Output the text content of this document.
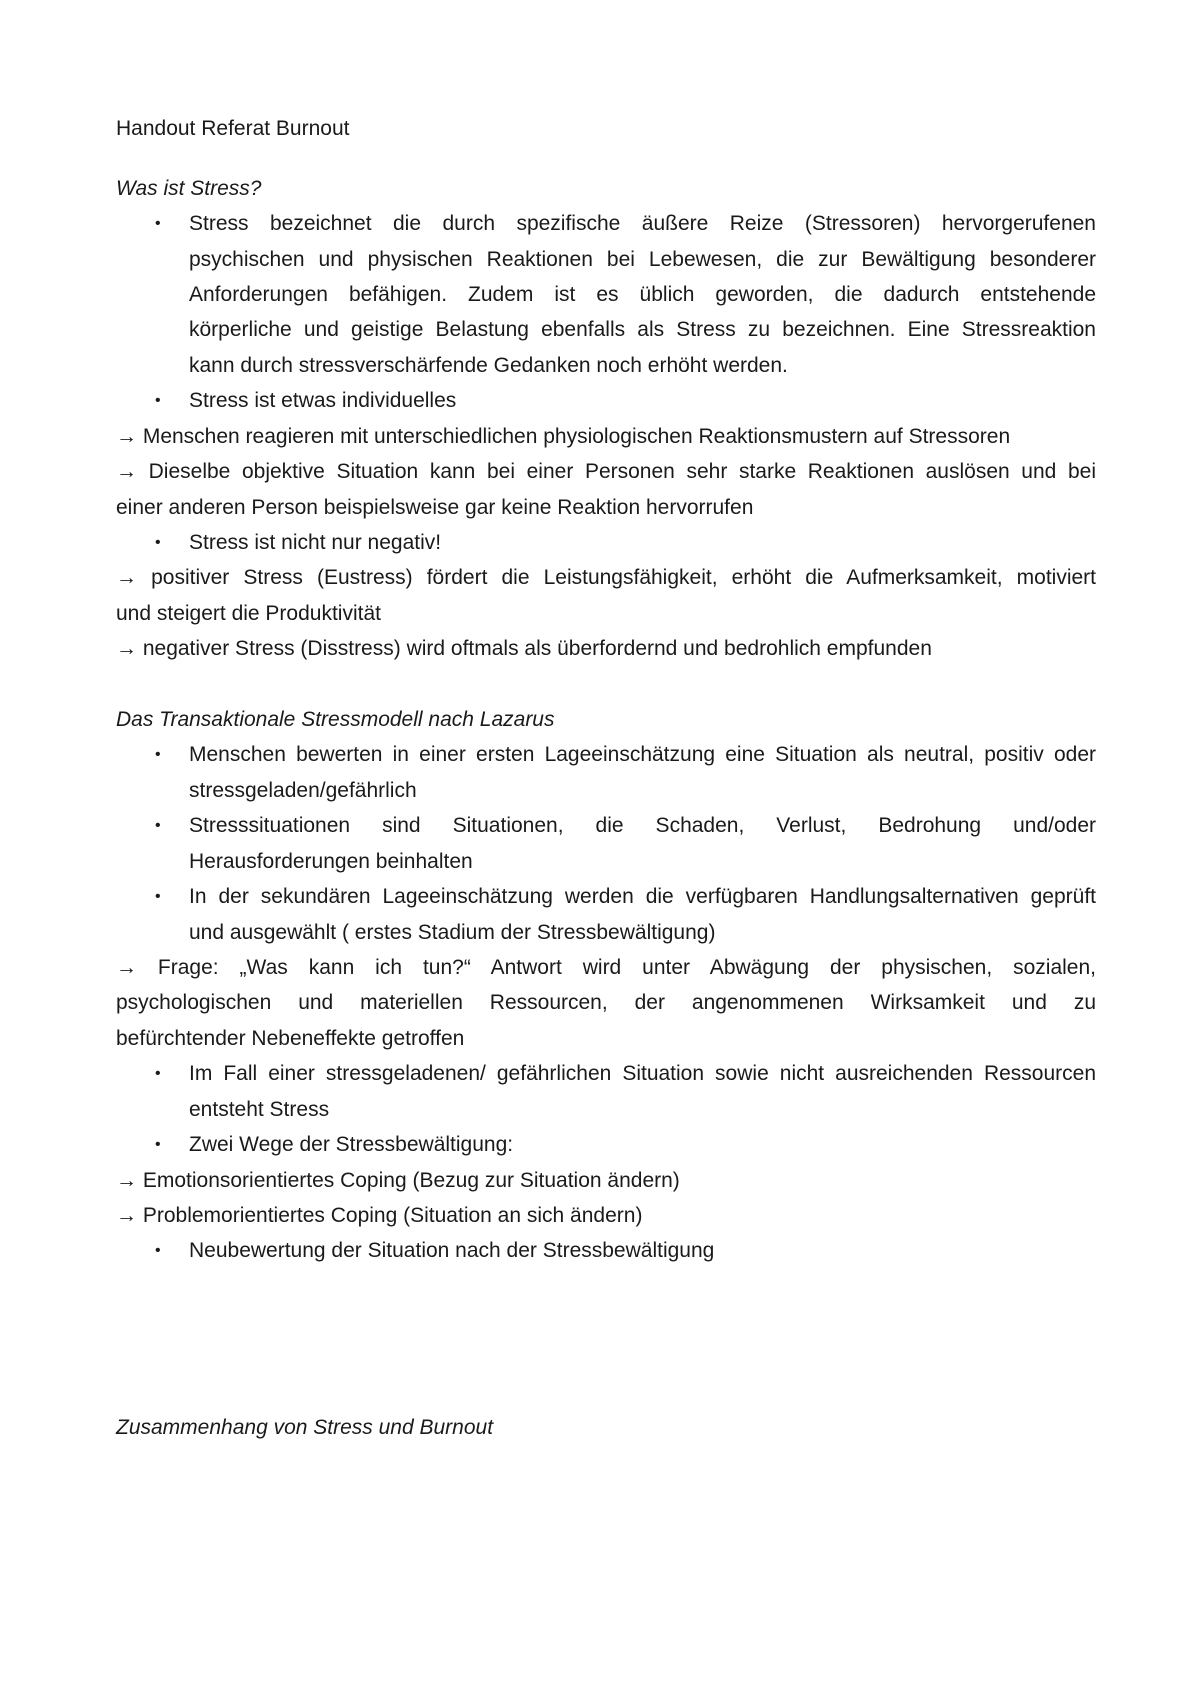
Handout Referat Burnout
Was ist Stress?
• Stress bezeichnet die durch spezifische äußere Reize (Stressoren) hervorgerufenen
psychischen und physischen Reaktionen bei Lebewesen, die zur Bewältigung besonderer
Anforderungen befähigen. Zudem ist es üblich geworden, die dadurch entstehende
körperliche und geistige Belastung ebenfalls als Stress zu bezeichnen. Eine Stressreaktion
kann durch stressverschärfende Gedanken noch erhöht werden.
• Stress ist etwas individuelles
→ Menschen reagieren mit unterschiedlichen physiologischen Reaktionsmustern auf Stressoren
→ Dieselbe objektive Situation kann bei einer Personen sehr starke Reaktionen auslösen und bei
einer anderen Person beispielsweise gar keine Reaktion hervorrufen
• Stress ist nicht nur negativ!
→ positiver Stress (Eustress) fördert die Leistungsfähigkeit, erhöht die Aufmerksamkeit, motiviert
und steigert die Produktivität
→ negativer Stress (Disstress) wird oftmals als überfordernd und bedrohlich empfunden
Das Transaktionale Stressmodell nach Lazarus
• Menschen bewerten in einer ersten Lageeinschätzung eine Situation als neutral, positiv oder
stressgeladen/gefährlich
• Stresssituationen sind Situationen, die Schaden, Verlust, Bedrohung und/oder
Herausforderungen beinhalten
• In der sekundären Lageeinschätzung werden die verfügbaren Handlungsalternativen geprüft
und ausgewählt ( erstes Stadium der Stressbewältigung)
→ Frage: „Was kann ich tun?“ Antwort wird unter Abwägung der physischen, sozialen,
psychologischen und materiellen Ressourcen, der angenommenen Wirksamkeit und zu
befürchtender Nebeneffekte getroffen
• Im Fall einer stressgeladenen/ gefährlichen Situation sowie nicht ausreichenden Ressourcen
entsteht Stress
• Zwei Wege der Stressbewältigung:
→ Emotionsorientiertes Coping (Bezug zur Situation ändern)
→ Problemorientiertes Coping (Situation an sich ändern)
• Neubewertung der Situation nach der Stressbewältigung
Zusammenhang von Stress und Burnout
